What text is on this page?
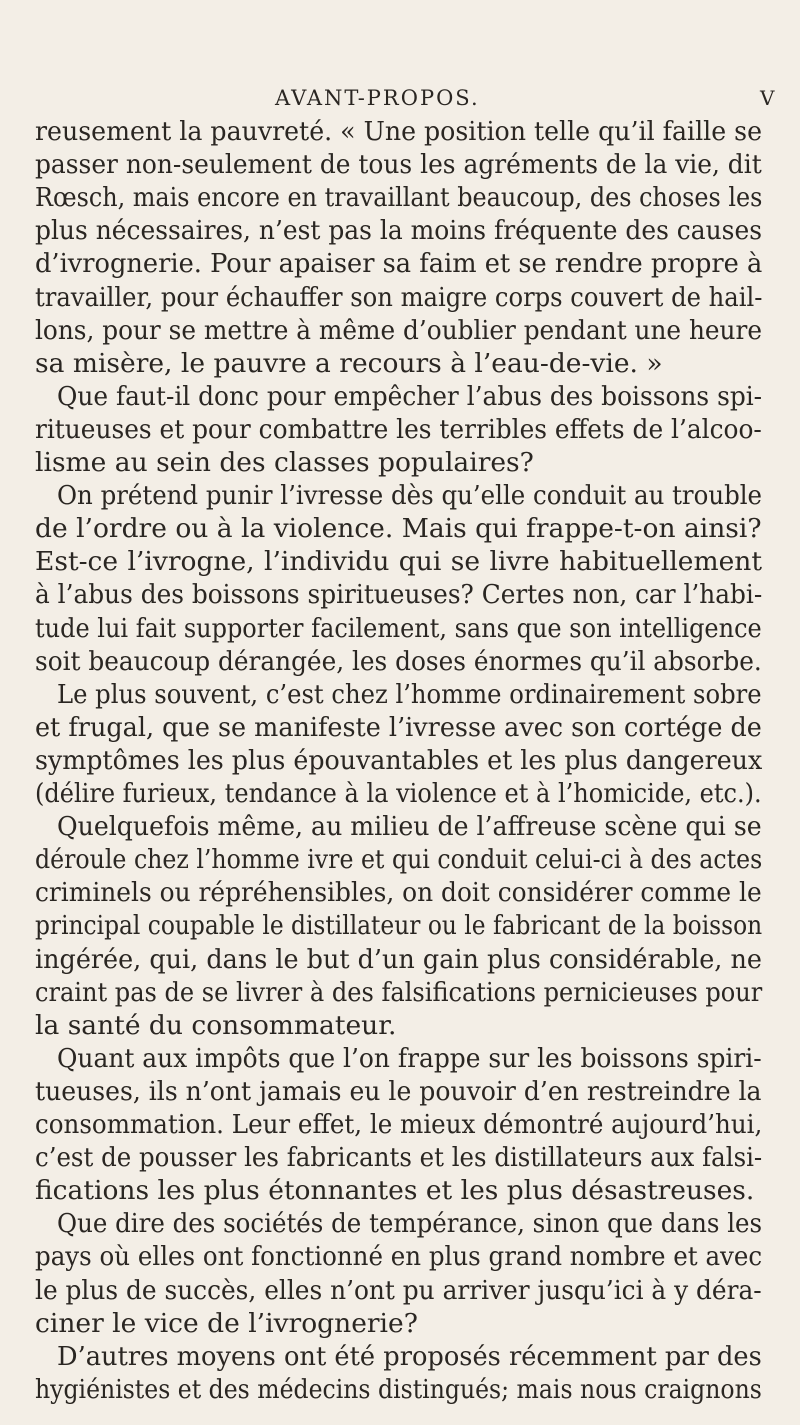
AVANT-PROPOS.	V
reusement la pauvreté. « Une position telle qu’il faille se
passer non-seulement de tous les agréments de la vie, dit
Rœsch, mais encore en travaillant beaucoup, des choses les
plus nécessaires, n’est pas la moins fréquente des causes
d’ivrognerie. Pour apaiser sa faim et se rendre propre à
travailler, pour échauffer son maigre corps couvert de hail-
lons, pour se mettre à même d’oublier pendant une heure
sa misère, le pauvre a recours à l’eau-de-vie. »
Que faut-il donc pour empêcher l’abus des boissons spi-
ritueuses et pour combattre les terribles effets de l’alcoo-
lisme au sein des classes populaires?
On prétend punir l’ivresse dès qu’elle conduit au trouble
de l’ordre ou à la violence. Mais qui frappe-t-on ainsi?
Est-ce l’ivrogne, l’individu qui se livre habituellement
à l’abus des boissons spiritueuses? Certes non, car l’habi-
tude lui fait supporter facilement, sans que son intelligence
soit beaucoup dérangée, les doses énormes qu’il absorbe.
Le plus souvent, c’est chez l’homme ordinairement sobre
et frugal, que se manifeste l’ivresse avec son cortége de
symptômes les plus épouvantables et les plus dangereux
(délire furieux, tendance à la violence et à l’homicide, etc.).
Quelquefois même, au milieu de l’affreuse scène qui se
déroule chez l’homme ivre et qui conduit celui-ci à des actes
criminels ou répréhensibles, on doit considérer comme le
principal coupable le distillateur ou le fabricant de la boisson
ingérée, qui, dans le but d’un gain plus considérable, ne
craint pas de se livrer à des falsifications pernicieuses pour
la santé du consommateur.
Quant aux impôts que l’on frappe sur les boissons spiri-
tueuses, ils n’ont jamais eu le pouvoir d’en restreindre la
consommation. Leur effet, le mieux démontré aujourd’hui,
c’est de pousser les fabricants et les distillateurs aux falsi-
fications les plus étonnantes et les plus désastreuses.
Que dire des sociétés de tempérance, sinon que dans les
pays où elles ont fonctionné en plus grand nombre et avec
le plus de succès, elles n’ont pu arriver jusqu’ici à y déra-
ciner le vice de l’ivrognerie?
D’autres moyens ont été proposés récemment par des
hygiénistes et des médecins distingués; mais nous craignons
